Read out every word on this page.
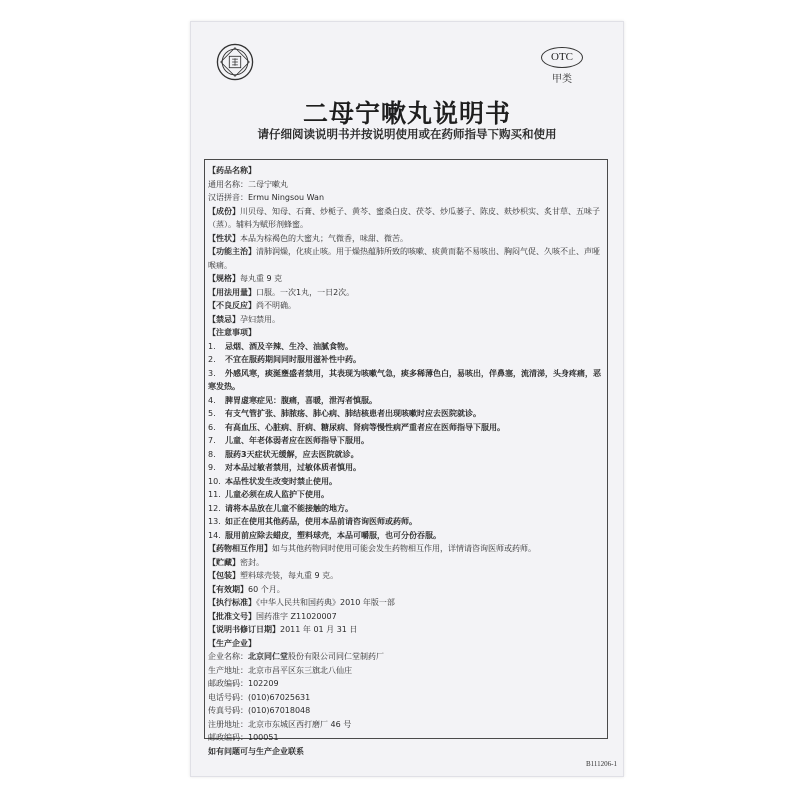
OTC
甲类
二母宁嗽丸说明书
请仔细阅读说明书并按说明使用或在药师指导下购买和使用
【药品名称】
通用名称：二母宁嗽丸
汉语拼音：Ermu Ningsou Wan
【成份】川贝母、知母、石膏、炒栀子、黄芩、蜜桑白皮、茯苓、炒瓜蒌子、陈皮、麸炒枳实、炙甘草、五味子（蒸）。辅料为赋形剂蜂蜜。
【性状】本品为棕褐色的大蜜丸；气微香，味甜、微苦。
【功能主治】清肺润燥，化痰止咳。用于燥热蕴肺所致的咳嗽、痰黄而黏不易咳出、胸闷气促、久咳不止、声哑喉痛。
【规格】每丸重 9 克
【用法用量】口服。一次1丸，一日2次。
【不良反应】尚不明确。
【禁忌】孕妇禁用。
【注意事项】
1. 忌烟、酒及辛辣、生冷、油腻食物。
2. 不宜在服药期间同时服用滋补性中药。
3. 外感风寒，痰涎壅盛者禁用，其表现为咳嗽气急，痰多稀薄色白，易咳出，伴鼻塞，流清涕，头身疼痛，恶寒发热。
4. 脾胃虚寒症见：腹痛，喜暖，泄泻者慎服。
5. 有支气管扩张、肺脓疡、肺心病、肺结核患者出现咳嗽时应去医院就诊。
6. 有高血压、心脏病、肝病、糖尿病、肾病等慢性病严重者应在医师指导下服用。
7. 儿童、年老体弱者应在医师指导下服用。
8. 服药3天症状无缓解，应去医院就诊。
9. 对本品过敏者禁用，过敏体质者慎用。
10. 本品性状发生改变时禁止使用。
11. 儿童必须在成人监护下使用。
12. 请将本品放在儿童不能接触的地方。
13. 如正在使用其他药品，使用本品前请咨询医师或药师。
14. 服用前应除去蜡皮，塑料球壳，本品可嚼服，也可分份吞服。
【药物相互作用】如与其他药物同时使用可能会发生药物相互作用，详情请咨询医师或药师。
【贮藏】密封。
【包装】塑料球壳装，每丸重 9 克。
【有效期】60 个月。
【执行标准】《中华人民共和国药典》2010 年版一部
【批准文号】国药准字 Z11020007
【说明书修订日期】2011 年 01 月 31 日
【生产企业】
企业名称：北京同仁堂股份有限公司同仁堂制药厂
生产地址：北京市昌平区东三旗北八仙庄
邮政编码：102209
电话号码：(010)67025631
传真号码：(010)67018048
注册地址：北京市东城区西打磨厂 46 号
邮政编码：100051
如有问题可与生产企业联系
B111206-1
